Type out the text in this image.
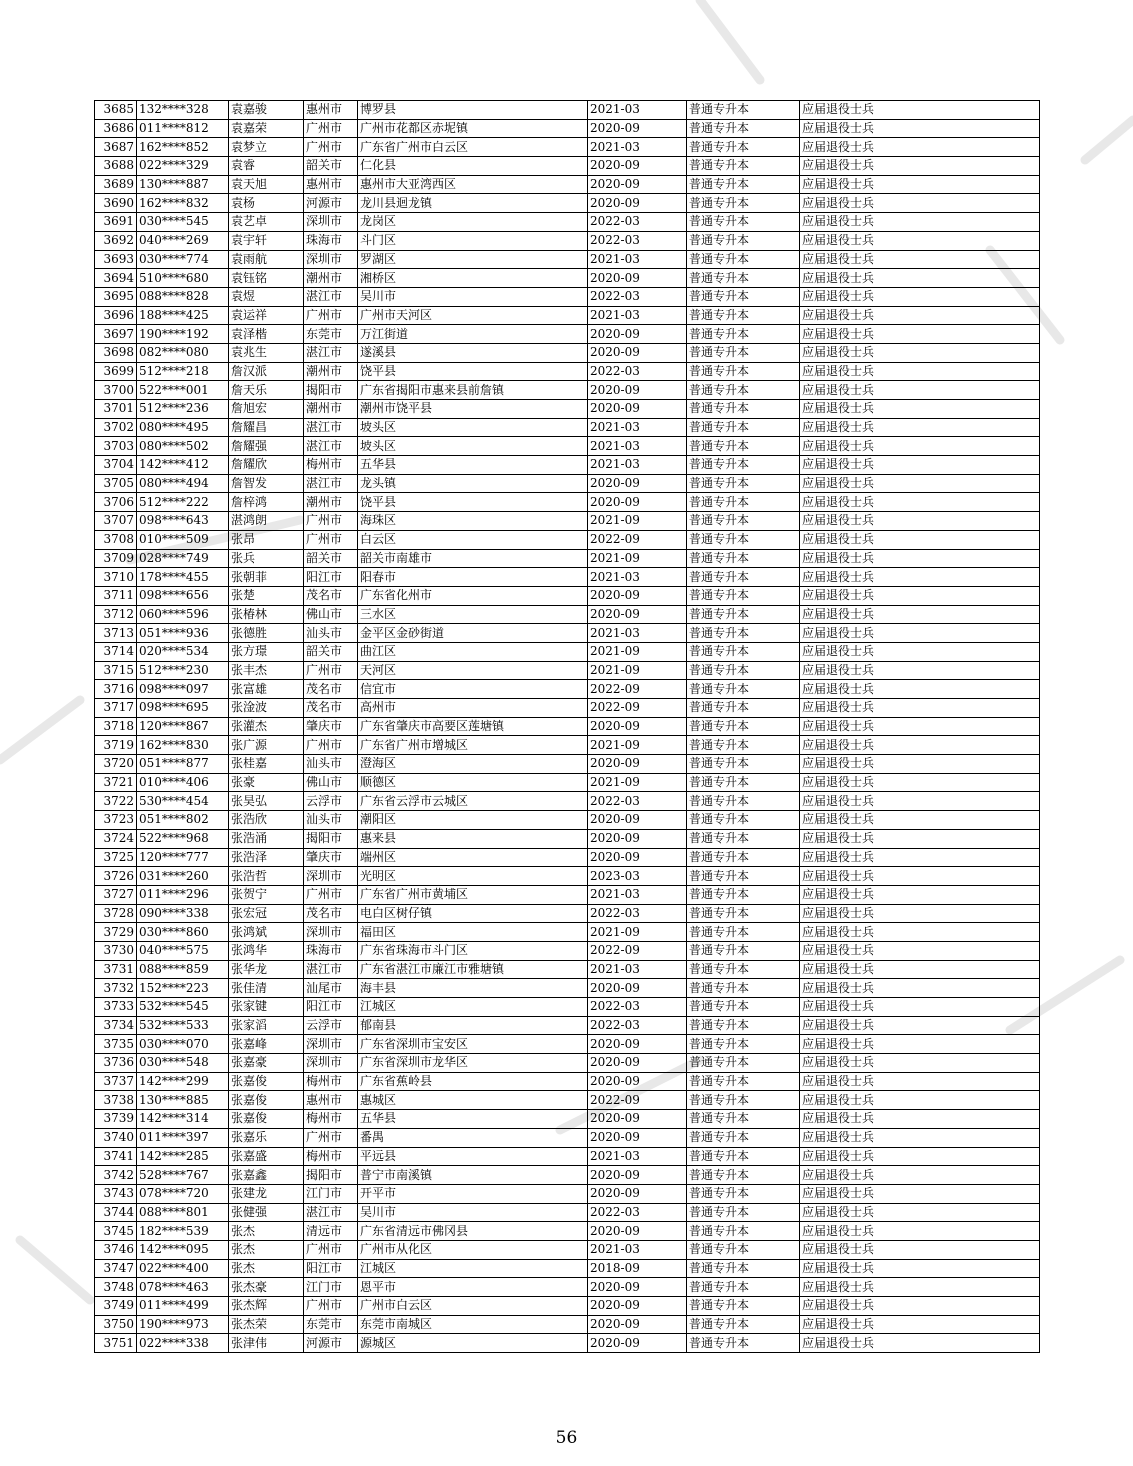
3685	132****328	袁嘉骏	惠州市	博罗县	2021-03	普通专升本	应届退役士兵
3686	011****812	袁嘉荣	广州市	广州市花都区赤坭镇	2020-09	普通专升本	应届退役士兵
3687	162****852	袁梦立	广州市	广东省广州市白云区	2021-03	普通专升本	应届退役士兵
3688	022****329	袁睿	韶关市	仁化县	2020-09	普通专升本	应届退役士兵
3689	130****887	袁天旭	惠州市	惠州市大亚湾西区	2020-09	普通专升本	应届退役士兵
3690	162****832	袁杨	河源市	龙川县迴龙镇	2020-09	普通专升本	应届退役士兵
3691	030****545	袁艺卓	深圳市	龙岗区	2022-03	普通专升本	应届退役士兵
3692	040****269	袁宇轩	珠海市	斗门区	2022-03	普通专升本	应届退役士兵
3693	030****774	袁雨航	深圳市	罗湖区	2021-03	普通专升本	应届退役士兵
3694	510****680	袁钰铭	潮州市	湘桥区	2020-09	普通专升本	应届退役士兵
3695	088****828	袁煜	湛江市	吴川市	2022-03	普通专升本	应届退役士兵
3696	188****425	袁运祥	广州市	广州市天河区	2021-03	普通专升本	应届退役士兵
3697	190****192	袁泽楷	东莞市	万江街道	2020-09	普通专升本	应届退役士兵
3698	082****080	袁兆生	湛江市	遂溪县	2020-09	普通专升本	应届退役士兵
3699	512****218	詹汉派	潮州市	饶平县	2022-03	普通专升本	应届退役士兵
3700	522****001	詹天乐	揭阳市	广东省揭阳市惠来县前詹镇	2020-09	普通专升本	应届退役士兵
3701	512****236	詹旭宏	潮州市	潮州市饶平县	2020-09	普通专升本	应届退役士兵
3702	080****495	詹耀昌	湛江市	坡头区	2021-03	普通专升本	应届退役士兵
3703	080****502	詹耀强	湛江市	坡头区	2021-03	普通专升本	应届退役士兵
3704	142****412	詹耀欣	梅州市	五华县	2021-03	普通专升本	应届退役士兵
3705	080****494	詹智发	湛江市	龙头镇	2020-09	普通专升本	应届退役士兵
3706	512****222	詹梓鸿	潮州市	饶平县	2020-09	普通专升本	应届退役士兵
3707	098****643	湛鸿朗	广州市	海珠区	2021-09	普通专升本	应届退役士兵
3708	010****509	张昂	广州市	白云区	2022-09	普通专升本	应届退役士兵
3709	028****749	张兵	韶关市	韶关市南雄市	2021-09	普通专升本	应届退役士兵
3710	178****455	张朝菲	阳江市	阳春市	2021-03	普通专升本	应届退役士兵
3711	098****656	张楚	茂名市	广东省化州市	2020-09	普通专升本	应届退役士兵
3712	060****596	张椿林	佛山市	三水区	2020-09	普通专升本	应届退役士兵
3713	051****936	张德胜	汕头市	金平区金砂街道	2021-03	普通专升本	应届退役士兵
3714	020****534	张方璟	韶关市	曲江区	2021-09	普通专升本	应届退役士兵
3715	512****230	张丰杰	广州市	天河区	2021-09	普通专升本	应届退役士兵
3716	098****097	张富雄	茂名市	信宜市	2022-09	普通专升本	应届退役士兵
3717	098****695	张淦波	茂名市	高州市	2022-09	普通专升本	应届退役士兵
3718	120****867	张灌杰	肇庆市	广东省肇庆市高要区莲塘镇	2020-09	普通专升本	应届退役士兵
3719	162****830	张广源	广州市	广东省广州市增城区	2021-09	普通专升本	应届退役士兵
3720	051****877	张桂嘉	汕头市	澄海区	2020-09	普通专升本	应届退役士兵
3721	010****406	张豪	佛山市	顺德区	2021-09	普通专升本	应届退役士兵
3722	530****454	张昊弘	云浮市	广东省云浮市云城区	2022-03	普通专升本	应届退役士兵
3723	051****802	张浩欣	汕头市	潮阳区	2020-09	普通专升本	应届退役士兵
3724	522****968	张浩涌	揭阳市	惠来县	2020-09	普通专升本	应届退役士兵
3725	120****777	张浩泽	肇庆市	端州区	2020-09	普通专升本	应届退役士兵
3726	031****260	张浩哲	深圳市	光明区	2023-03	普通专升本	应届退役士兵
3727	011****296	张贺宁	广州市	广东省广州市黄埔区	2021-03	普通专升本	应届退役士兵
3728	090****338	张宏冠	茂名市	电白区树仔镇	2022-03	普通专升本	应届退役士兵
3729	030****860	张鸿斌	深圳市	福田区	2021-09	普通专升本	应届退役士兵
3730	040****575	张鸿华	珠海市	广东省珠海市斗门区	2022-09	普通专升本	应届退役士兵
3731	088****859	张华龙	湛江市	广东省湛江市廉江市雅塘镇	2021-03	普通专升本	应届退役士兵
3732	152****223	张佳清	汕尾市	海丰县	2020-09	普通专升本	应届退役士兵
3733	532****545	张家键	阳江市	江城区	2022-03	普通专升本	应届退役士兵
3734	532****533	张家滔	云浮市	郁南县	2022-03	普通专升本	应届退役士兵
3735	030****070	张嘉峰	深圳市	广东省深圳市宝安区	2020-09	普通专升本	应届退役士兵
3736	030****548	张嘉豪	深圳市	广东省深圳市龙华区	2020-09	普通专升本	应届退役士兵
3737	142****299	张嘉俊	梅州市	广东省蕉岭县	2020-09	普通专升本	应届退役士兵
3738	130****885	张嘉俊	惠州市	惠城区	2022-09	普通专升本	应届退役士兵
3739	142****314	张嘉俊	梅州市	五华县	2020-09	普通专升本	应届退役士兵
3740	011****397	张嘉乐	广州市	番禺	2020-09	普通专升本	应届退役士兵
3741	142****285	张嘉盛	梅州市	平远县	2021-03	普通专升本	应届退役士兵
3742	528****767	张嘉鑫	揭阳市	普宁市南溪镇	2020-09	普通专升本	应届退役士兵
3743	078****720	张建龙	江门市	开平市	2020-09	普通专升本	应届退役士兵
3744	088****801	张健强	湛江市	吴川市	2022-03	普通专升本	应届退役士兵
3745	182****539	张杰	清远市	广东省清远市佛冈县	2020-09	普通专升本	应届退役士兵
3746	142****095	张杰	广州市	广州市从化区	2021-03	普通专升本	应届退役士兵
3747	022****400	张杰	阳江市	江城区	2018-09	普通专升本	应届退役士兵
3748	078****463	张杰豪	江门市	恩平市	2020-09	普通专升本	应届退役士兵
3749	011****499	张杰辉	广州市	广州市白云区	2020-09	普通专升本	应届退役士兵
3750	190****973	张杰荣	东莞市	东莞市南城区	2020-09	普通专升本	应届退役士兵
3751	022****338	张津伟	河源市	源城区	2020-09	普通专升本	应届退役士兵
56
